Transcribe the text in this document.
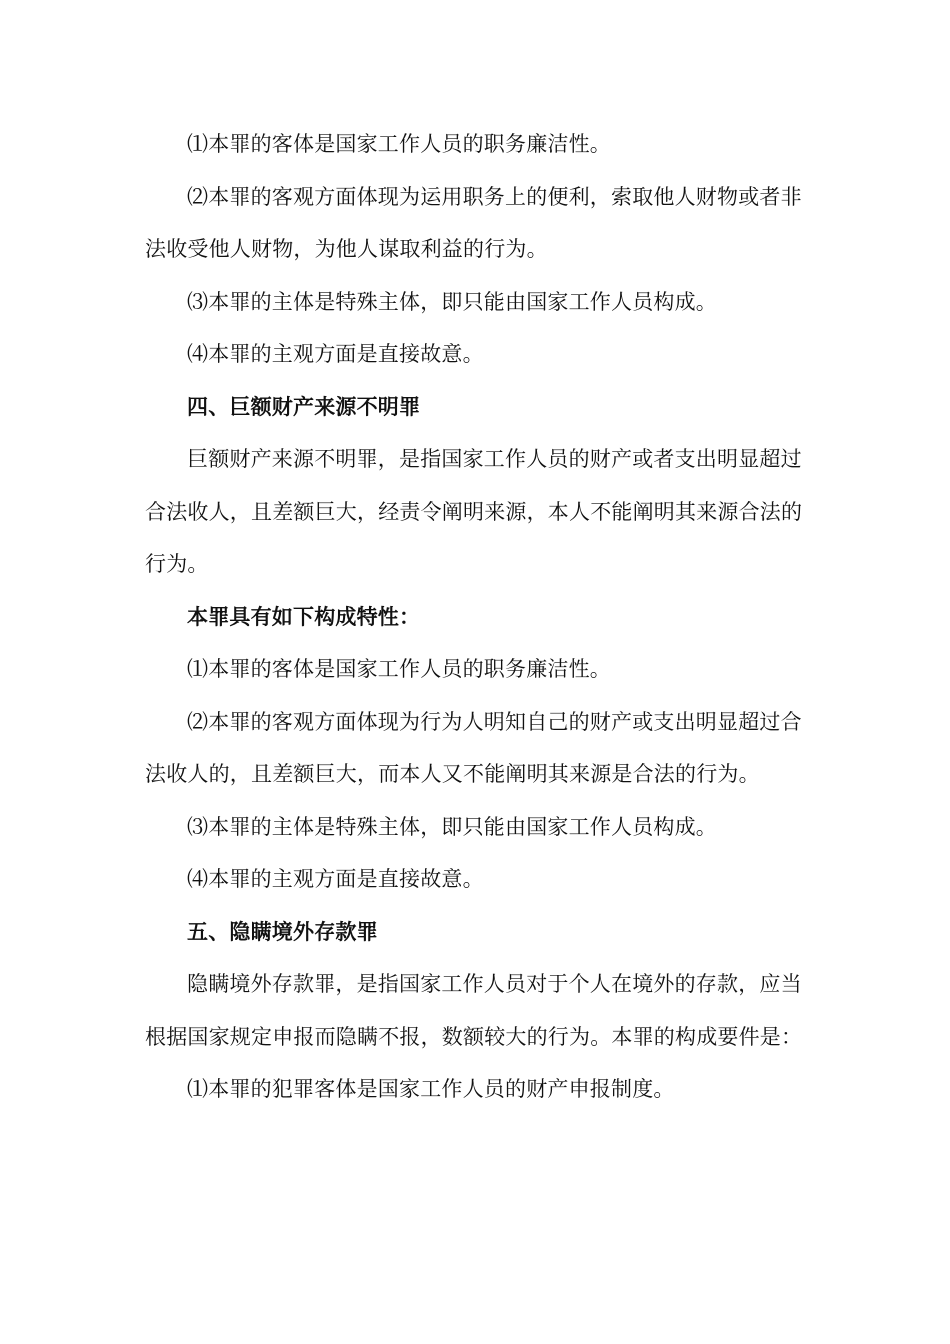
⑴本罪的客体是国家工作人员的职务廉洁性。

⑵本罪的客观方面体现为运用职务上的便利，索取他人财物或者非法收受他人财物，为他人谋取利益的行为。

⑶本罪的主体是特殊主体，即只能由国家工作人员构成。

⑷本罪的主观方面是直接故意。

四、巨额财产来源不明罪

巨额财产来源不明罪，是指国家工作人员的财产或者支出明显超过合法收人，且差额巨大，经责令阐明来源，本人不能阐明其来源合法的行为。

本罪具有如下构成特性：

⑴本罪的客体是国家工作人员的职务廉洁性。

⑵本罪的客观方面体现为行为人明知自己的财产或支出明显超过合法收人的，且差额巨大，而本人又不能阐明其来源是合法的行为。

⑶本罪的主体是特殊主体，即只能由国家工作人员构成。

⑷本罪的主观方面是直接故意。

五、隐瞒境外存款罪

隐瞒境外存款罪，是指国家工作人员对于个人在境外的存款，应当根据国家规定申报而隐瞒不报，数额较大的行为。本罪的构成要件是：

⑴本罪的犯罪客体是国家工作人员的财产申报制度。
